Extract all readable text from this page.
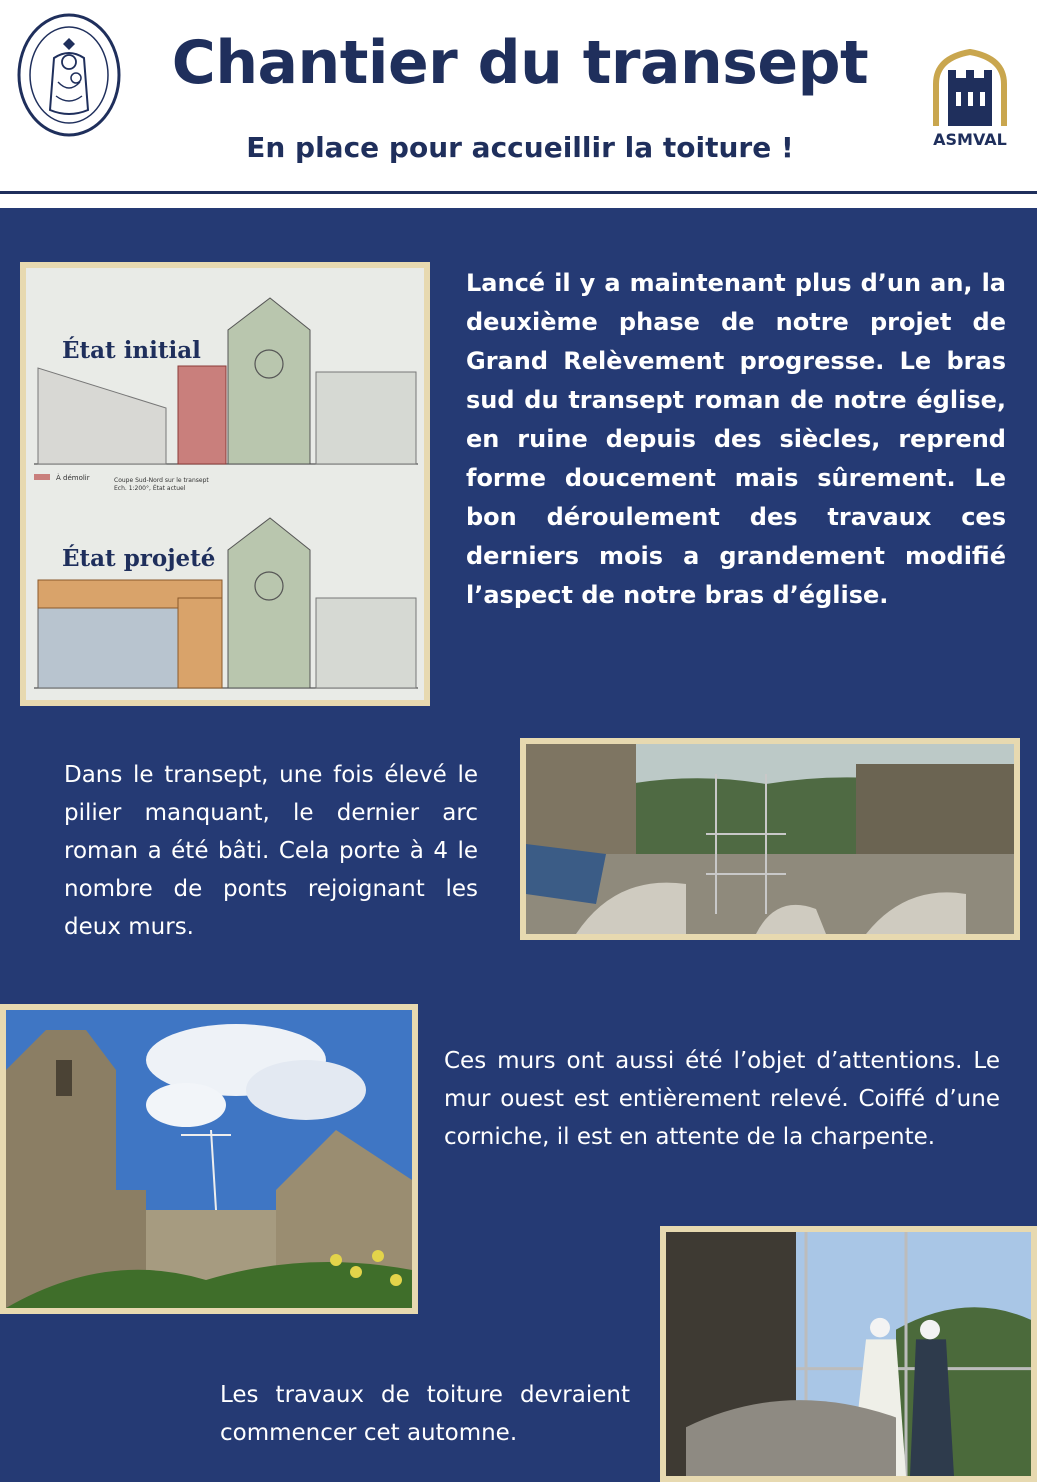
Chantier du transept
En place pour accueillir la toiture !	ASMVAL
À démolir	Coupe Sud-Nord sur le transept
Ech. 1:200°, État actuel
État initial
État projeté

Lancé il y a maintenant plus d’un an, la deuxième phase de notre projet de Grand Relèvement progresse. Le bras sud du transept roman de notre église, en ruine depuis des siècles, reprend forme doucement mais sûrement. Le bon déroulement des travaux ces derniers mois a grandement modifié l’aspect de notre bras d’église.

Dans le transept, une fois élevé le pilier manquant, le dernier arc roman a été bâti. Cela porte à 4 le nombre de ponts rejoignant les deux murs.

Ces murs ont aussi été l’objet d’attentions. Le mur ouest est entièrement relevé. Coiffé d’une corniche, il est en attente de la charpente.

Les travaux de toiture devraient commencer cet automne.
